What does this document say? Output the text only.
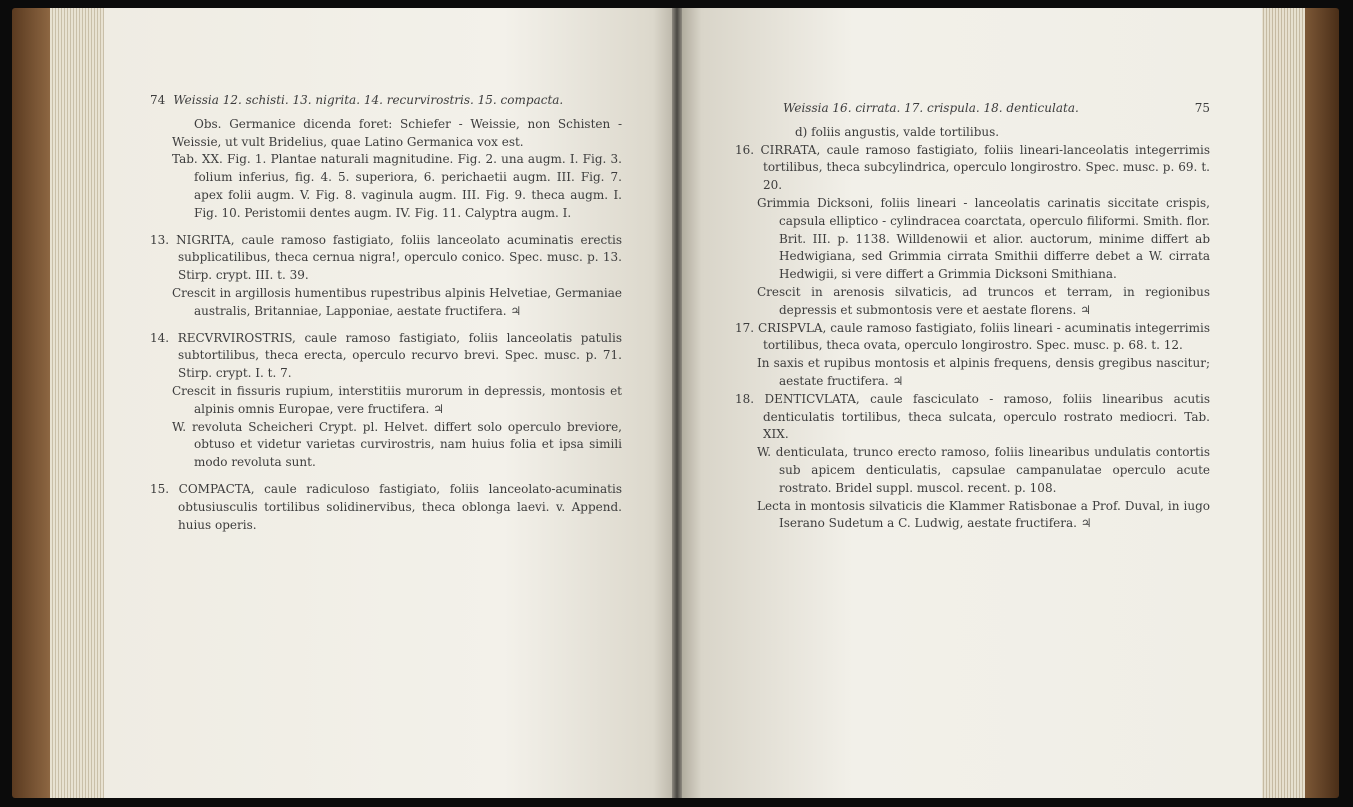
74 Weissia 12. schisti. 13. nigrita. 14. recurvirostris. 15. compacta.

Obs. Germanice dicenda foret: Schiefer - Weissie, non Schisten - Weissie, ut vult Bridelius, quae Latino Germanica vox est.

Tab. XX. Fig. 1. Plantae naturali magnitudine. Fig. 2. una augm. I. Fig. 3. folium inferius, fig. 4. 5. superiora, 6. perichaetii augm. III. Fig. 7. apex folii augm. V. Fig. 8. vaginula augm. III. Fig. 9. theca augm. I. Fig. 10. Peristomii dentes augm. IV. Fig. 11. Calyptra augm. I.

13. NIGRITA, caule ramoso fastigiato, foliis lanceolato acuminatis erectis subplicatilibus, theca cernua nigra!, operculo conico. Spec. musc. p. 13. Stirp. crypt. III. t. 39.

Crescit in argillosis humentibus rupestribus alpinis Helvetiae, Germaniae australis, Britanniae, Lapponiae, aestate fructifera. ♃

14. RECVRVIROSTRIS, caule ramoso fastigiato, foliis lanceolatis patulis subtortilibus, theca erecta, operculo recurvo brevi. Spec. musc. p. 71. Stirp. crypt. I. t. 7.

Crescit in fissuris rupium, interstitiis murorum in depressis, montosis et alpinis omnis Europae, vere fructifera. ♃

W. revoluta Scheicheri Crypt. pl. Helvet. differt solo operculo breviore, obtuso et videtur varietas curvirostris, nam huius folia et ipsa simili modo revoluta sunt.

15. COMPACTA, caule radiculoso fastigiato, foliis lanceolato-acuminatis obtusiusculis tortilibus solidinervibus, theca oblonga laevi. v. Append. huius operis.

Weissia 16. cirrata. 17. crispula. 18. denticulata.	75

d) foliis angustis, valde tortilibus.

16. CIRRATA, caule ramoso fastigiato, foliis lineari-lanceolatis integerrimis tortilibus, theca subcylindrica, operculo longirostro. Spec. musc. p. 69. t. 20.

Grimmia Dicksoni, foliis lineari - lanceolatis carinatis siccitate crispis, capsula elliptico - cylindracea coarctata, operculo filiformi. Smith. flor. Brit. III. p. 1138. Willdenowii et alior. auctorum, minime differt ab Hedwigiana, sed Grimmia cirrata Smithii differre debet a W. cirrata Hedwigii, si vere differt a Grimmia Dicksoni Smithiana.

Crescit in arenosis silvaticis, ad truncos et terram, in regionibus depressis et submontosis vere et aestate florens. ♃

17. CRISPVLA, caule ramoso fastigiato, foliis lineari - acuminatis integerrimis tortilibus, theca ovata, operculo longirostro. Spec. musc. p. 68. t. 12.

In saxis et rupibus montosis et alpinis frequens, densis gregibus nascitur; aestate fructifera. ♃

18. DENTICVLATA, caule fasciculato - ramoso, foliis linearibus acutis denticulatis tortilibus, theca sulcata, operculo rostrato mediocri. Tab. XIX.

W. denticulata, trunco erecto ramoso, foliis linearibus undulatis contortis sub apicem denticulatis, capsulae campanulatae operculo acute rostrato. Bridel suppl. muscol. recent. p. 108.

Lecta in montosis silvaticis die Klammer Ratisbonae a Prof. Duval, in iugo Iserano Sudetum a C. Ludwig, aestate fructifera. ♃
